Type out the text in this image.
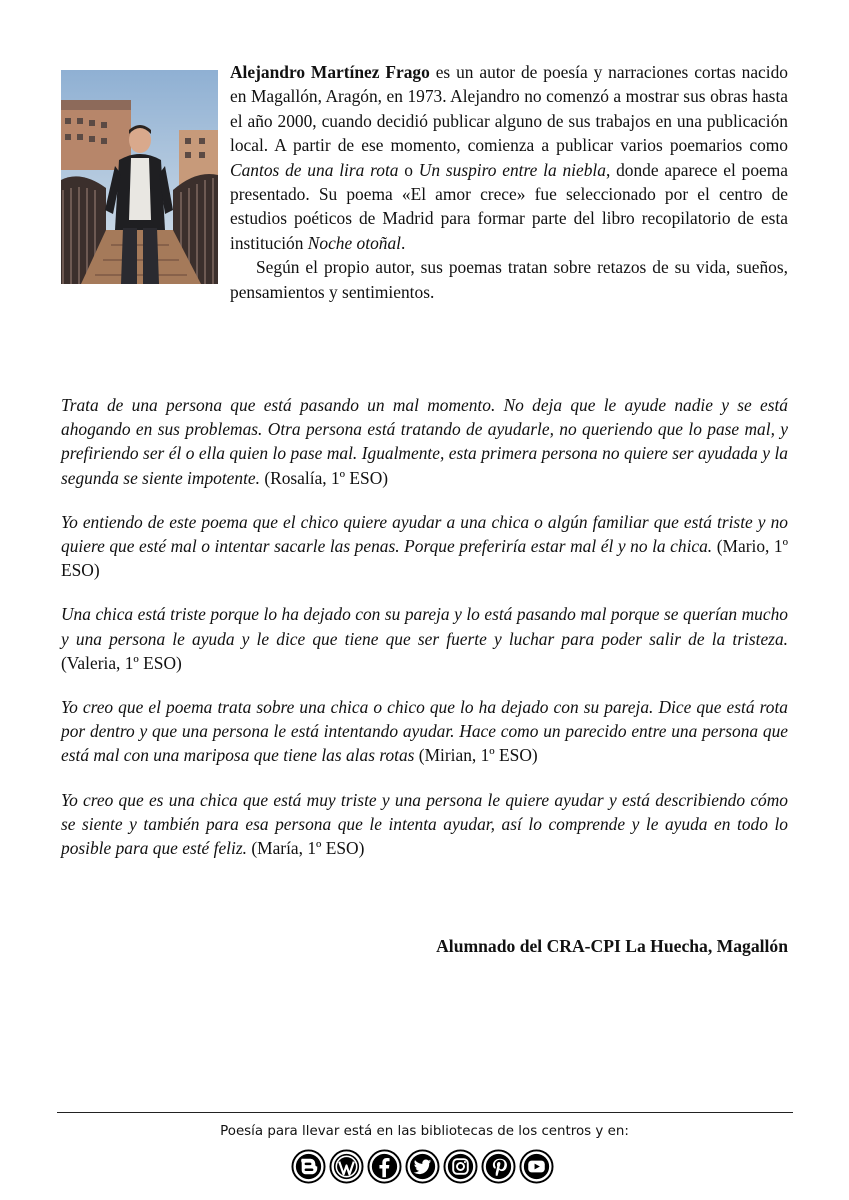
Alejandro Martínez Frago es un autor de poesía y narraciones cortas nacido en Magallón, Aragón, en 1973. Alejandro no comenzó a mostrar sus obras hasta el año 2000, cuando decidió publicar alguno de sus trabajos en una publicación local. A partir de ese momento, comienza a publicar varios poemarios como Cantos de una lira rota o Un suspiro entre la niebla, donde aparece el poema presentado. Su poema «El amor crece» fue seleccionado por el centro de estudios poéticos de Madrid para formar parte del libro recopilatorio de esta institución Noche otoñal.

Según el propio autor, sus poemas tratan sobre retazos de su vida, sueños, pensamientos y sentimientos.

Trata de una persona que está pasando un mal momento. No deja que le ayude nadie y se está ahogando en sus problemas. Otra persona está tratando de ayudarle, no queriendo que lo pase mal, y prefiriendo ser él o ella quien lo pase mal. Igualmente, esta primera persona no quiere ser ayudada y la segunda se siente impotente. (Rosalía, 1º ESO)

Yo entiendo de este poema que el chico quiere ayudar a una chica o algún familiar que está triste y no quiere que esté mal o intentar sacarle las penas. Porque preferiría estar mal él y no la chica. (Mario, 1º ESO)

Una chica está triste porque lo ha dejado con su pareja y lo está pasando mal porque se querían mucho y una persona le ayuda y le dice que tiene que ser fuerte y luchar para poder salir de la tristeza. (Valeria, 1º ESO)

Yo creo que el poema trata sobre una chica o chico que lo ha dejado con su pareja. Dice que está rota por dentro y que una persona le está intentando ayudar. Hace como un parecido entre una persona que está mal con una mariposa que tiene las alas rotas (Mirian, 1º ESO)

Yo creo que es una chica que está muy triste y una persona le quiere ayudar y está describiendo cómo se siente y también para esa persona que le intenta ayudar, así lo comprende y le ayuda en todo lo posible para que esté feliz. (María, 1º ESO)

Alumnado del CRA-CPI La Huecha, Magallón
Poesía para llevar está en las bibliotecas de los centros y en:
